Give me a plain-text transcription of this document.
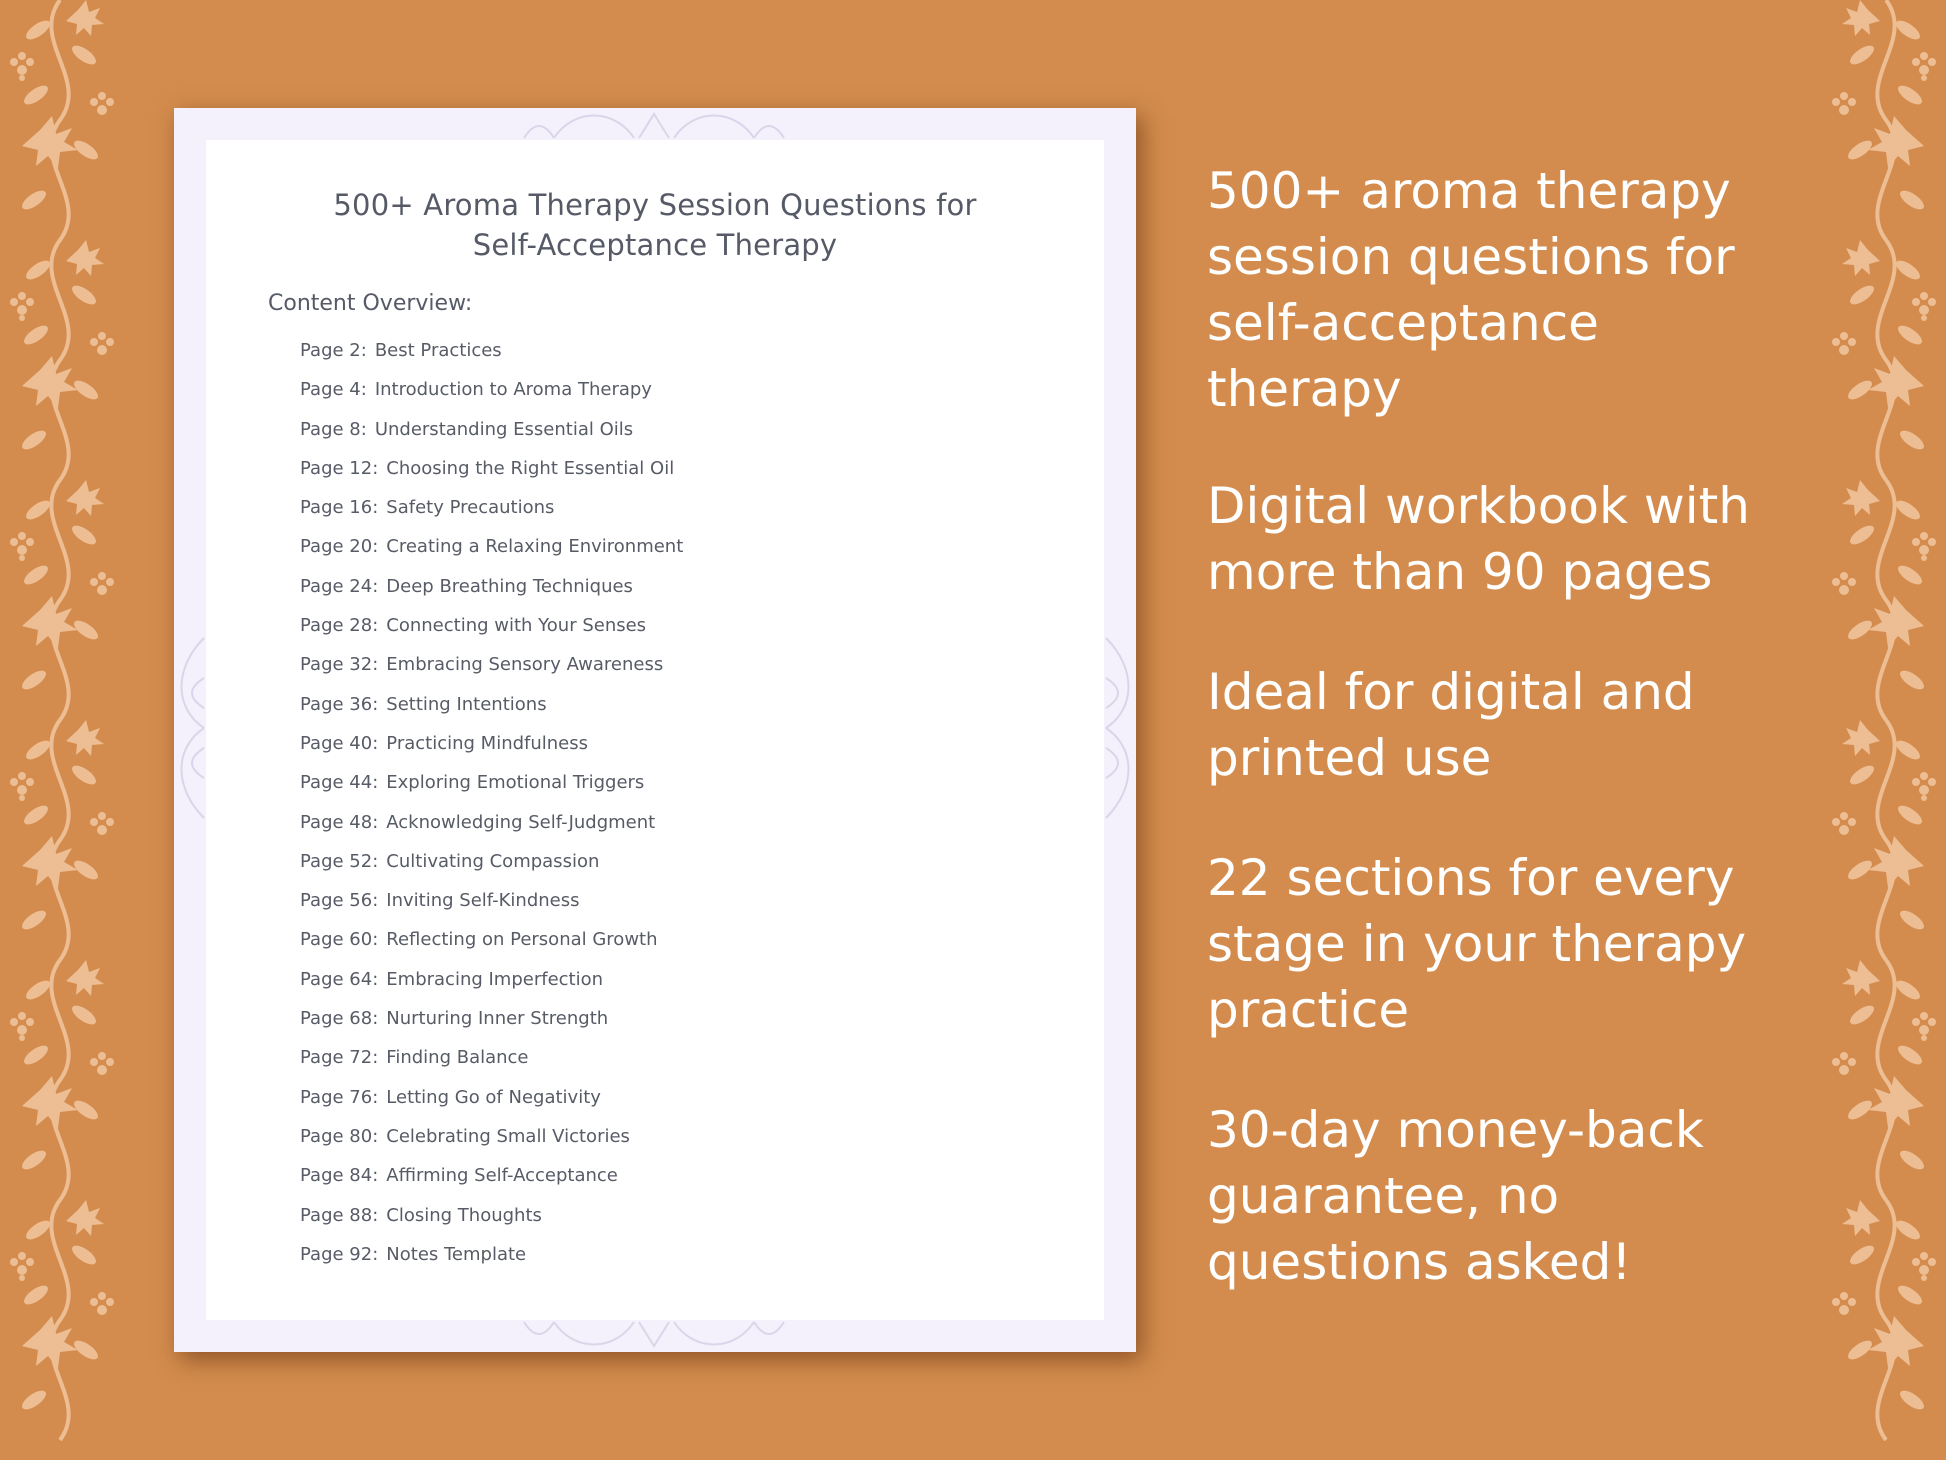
500+ Aroma Therapy Session Questions for
Self-Acceptance Therapy
Content Overview:
Page 2: Best Practices
Page 4: Introduction to Aroma Therapy
Page 8: Understanding Essential Oils
Page 12: Choosing the Right Essential Oil
Page 16: Safety Precautions
Page 20: Creating a Relaxing Environment
Page 24: Deep Breathing Techniques
Page 28: Connecting with Your Senses
Page 32: Embracing Sensory Awareness
Page 36: Setting Intentions
Page 40: Practicing Mindfulness
Page 44: Exploring Emotional Triggers
Page 48: Acknowledging Self-Judgment
Page 52: Cultivating Compassion
Page 56: Inviting Self-Kindness
Page 60: Reflecting on Personal Growth
Page 64: Embracing Imperfection
Page 68: Nurturing Inner Strength
Page 72: Finding Balance
Page 76: Letting Go of Negativity
Page 80: Celebrating Small Victories
Page 84: Affirming Self-Acceptance
Page 88: Closing Thoughts
Page 92: Notes Template
500+ aroma therapy session questions for self-acceptance therapy
Digital workbook with more than 90 pages
Ideal for digital and printed use
22 sections for every stage in your therapy practice
30-day money-back guarantee, no questions asked!
